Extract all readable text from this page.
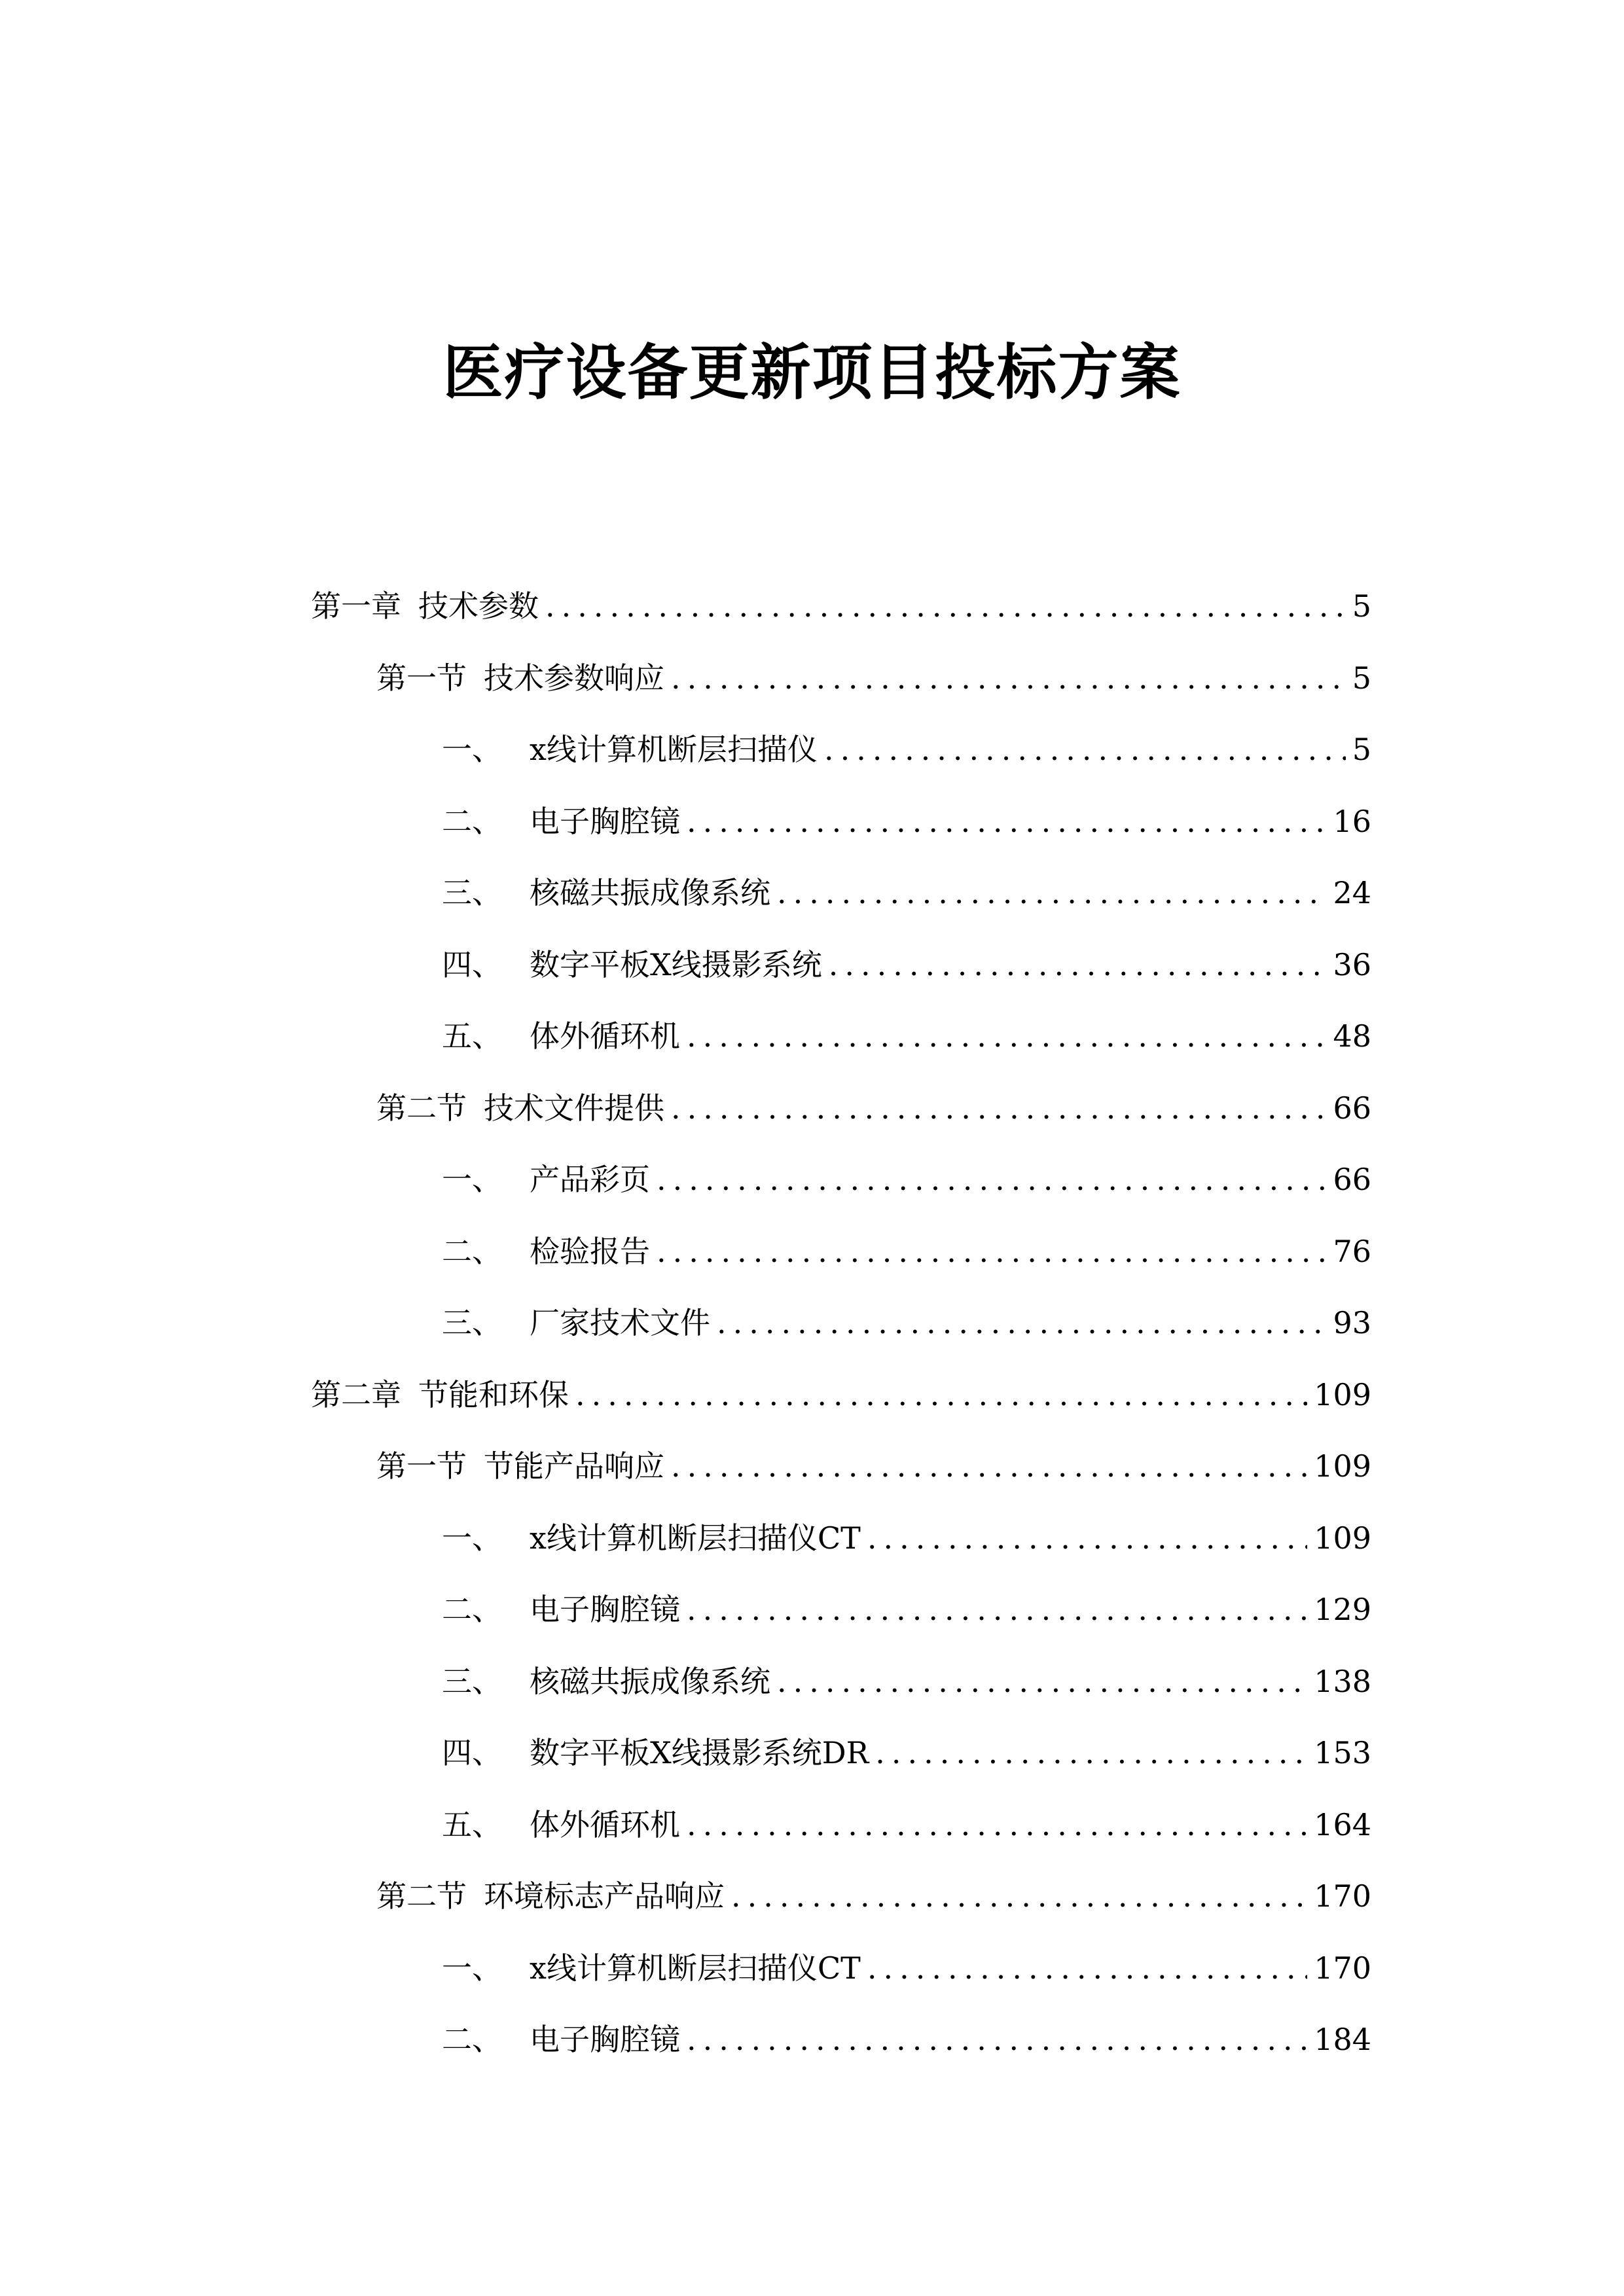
医疗设备更新项目投标方案
第一章 技术参数 .....	5
第一节 技术参数响应 .....	5
一、 x线计算机断层扫描仪 .....	5
二、 电子胸腔镜 .....	16
三、 核磁共振成像系统 .....	24
四、 数字平板X线摄影系统 .....	36
五、 体外循环机 .....	48
第二节 技术文件提供 .....	66
一、 产品彩页 .....	66
二、 检验报告 .....	76
三、 厂家技术文件 .....	93
第二章 节能和环保 .....	109
第一节 节能产品响应 .....	109
一、 x线计算机断层扫描仪CT .....	109
二、 电子胸腔镜 .....	129
三、 核磁共振成像系统 .....	138
四、 数字平板X线摄影系统DR .....	153
五、 体外循环机 .....	164
第二节 环境标志产品响应 .....	170
一、 x线计算机断层扫描仪CT .....	170
二、 电子胸腔镜 .....	184
